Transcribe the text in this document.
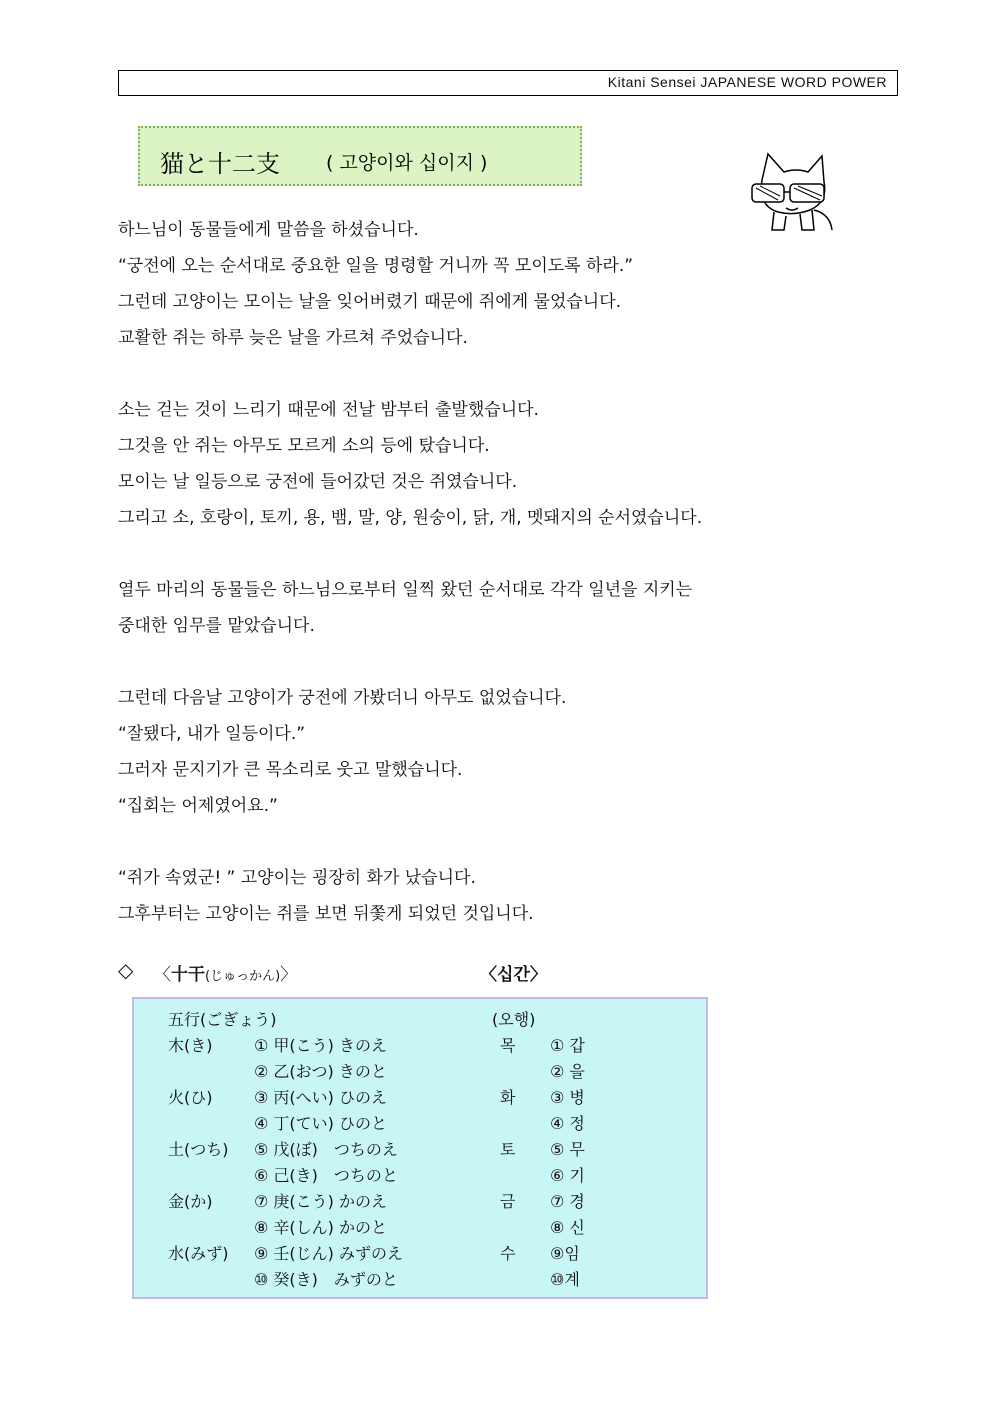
Kitani Sensei JAPANESE WORD POWER
猫と十二支 ( 고양이와 십이지 )

하느님이 동물들에게 말씀을 하셨습니다.

“궁전에 오는 순서대로 중요한 일을 명령할 거니까 꼭 모이도록 하라.”

그런데 고양이는 모이는 날을 잊어버렸기 때문에 쥐에게 물었습니다.

교활한 쥐는 하루 늦은 날을 가르쳐 주었습니다.

소는 걷는 것이 느리기 때문에 전날 밤부터 출발했습니다.

그것을 안 쥐는 아무도 모르게 소의 등에 탔습니다.

모이는 날 일등으로 궁전에 들어갔던 것은 쥐였습니다.

그리고 소, 호랑이, 토끼, 용, 뱀, 말, 양, 원숭이, 닭, 개, 멧돼지의 순서였습니다.

열두 마리의 동물들은 하느님으로부터 일찍 왔던 순서대로 각각 일년을 지키는

중대한 임무를 맡았습니다.

그런데 다음날 고양이가 궁전에 가봤더니 아무도 없었습니다.

“잘됐다, 내가 일등이다.”

그러자 문지기가 큰 목소리로 웃고 말했습니다.

“집회는 어제였어요.”

“쥐가 속였군! ” 고양이는 굉장히 화가 났습니다.

그후부터는 고양이는 쥐를 보면 뒤쫓게 되었던 것입니다.

◇ 〈十干(じゅっかん)〉	〈십간〉
五行(ごぎょう)	(오행)
木(き)	① 甲(こう) きのえ	목 ① 갑
② 乙(おつ) きのと	② 을
火(ひ)	③ 丙(へい) ひのえ	화 ③ 병
④ 丁(てい) ひのと	④ 정
土(つち) ⑤ 戊(ぼ)　つちのえ	토 ⑤ 무
⑥ 己(き)　つちのと	⑥ 기
金(か)	⑦ 庚(こう) かのえ	금 ⑦ 경
⑧ 辛(しん) かのと	⑧ 신
水(みず) ⑨ 壬(じん) みずのえ	수 ⑨임
⑩ 癸(き)　みずのと	⑩계
